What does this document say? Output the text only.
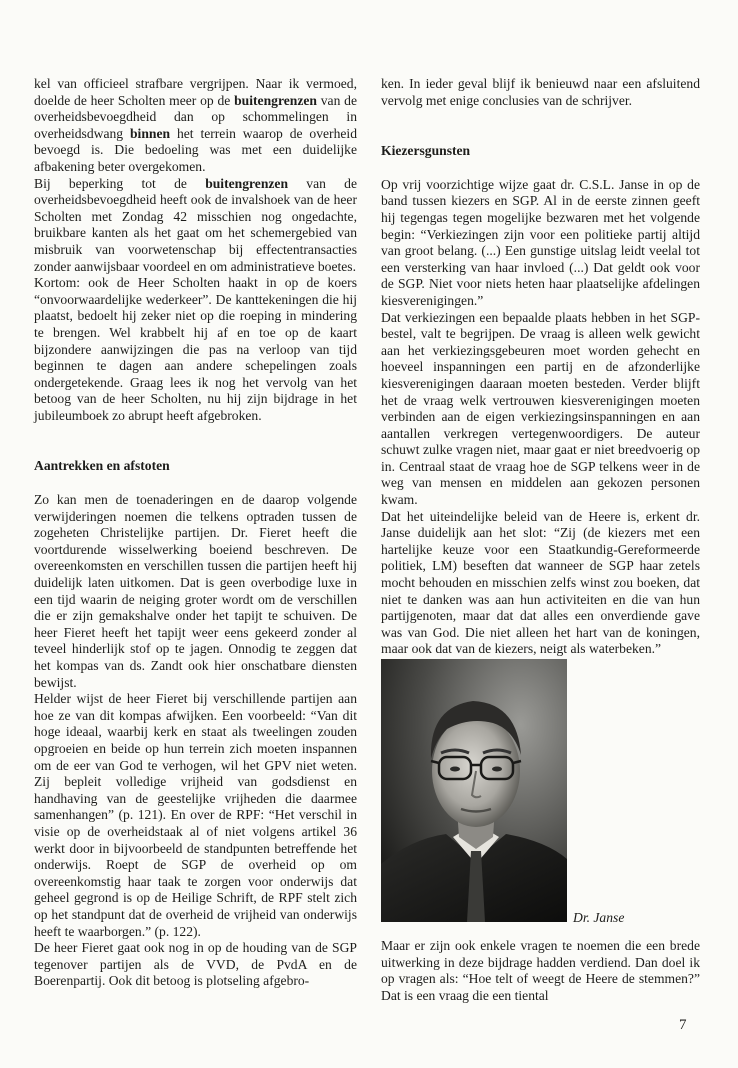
kel van officieel strafbare vergrijpen. Naar ik vermoed, doelde de heer Scholten meer op de buitengrenzen van de overheidsbevoegdheid dan op schommelingen in overheidsdwang binnen het terrein waarop de overheid bevoegd is. Die bedoeling was met een duidelijke afbakening beter overgekomen.

Bij beperking tot de buitengrenzen van de overheidsbevoegdheid heeft ook de invalshoek van de heer Scholten met Zondag 42 misschien nog ongedachte, bruikbare kanten als het gaat om het schemergebied van misbruik van voorwetenschap bij effectentransacties zonder aanwijsbaar voordeel en om administratieve boetes.

Kortom: ook de Heer Scholten haakt in op de koers “onvoorwaardelijke wederkeer”. De kanttekeningen die hij plaatst, bedoelt hij zeker niet op die roeping in mindering te brengen. Wel krabbelt hij af en toe op de kaart bijzondere aanwijzingen die pas na verloop van tijd beginnen te dagen aan andere schepelingen zoals ondergetekende. Graag lees ik nog het vervolg van het betoog van de heer Scholten, nu hij zijn bijdrage in het jubileumboek zo abrupt heeft afgebroken.

Aantrekken en afstoten

Zo kan men de toenaderingen en de daarop volgende verwijderingen noemen die telkens optraden tussen de zogeheten Christelijke partijen. Dr. Fieret heeft die voortdurende wisselwerking boeiend beschreven. De overeenkomsten en verschillen tussen die partijen heeft hij duidelijk laten uitkomen. Dat is geen overbodige luxe in een tijd waarin de neiging groter wordt om de verschillen die er zijn gemakshalve onder het tapijt te schuiven. De heer Fieret heeft het tapijt weer eens gekeerd zonder al teveel hinderlijk stof op te jagen. Onnodig te zeggen dat het kompas van ds. Zandt ook hier onschatbare diensten bewijst.

Helder wijst de heer Fieret bij verschillende partijen aan hoe ze van dit kompas afwijken. Een voorbeeld: “Van dit hoge ideaal, waarbij kerk en staat als tweelingen zouden opgroeien en beide op hun terrein zich moeten inspannen om de eer van God te verhogen, wil het GPV niet weten. Zij bepleit volledige vrijheid van godsdienst en handhaving van de geestelijke vrijheden die daarmee samenhangen” (p. 121). En over de RPF: “Het verschil in visie op de overheidstaak al of niet volgens artikel 36 werkt door in bijvoorbeeld de standpunten betreffende het onderwijs. Roept de SGP de overheid op om overeenkomstig haar taak te zorgen voor onderwijs dat geheel gegrond is op de Heilige Schrift, de RPF stelt zich op het standpunt dat de overheid de vrijheid van onderwijs heeft te waarborgen.” (p. 122).

De heer Fieret gaat ook nog in op de houding van de SGP tegenover partijen als de VVD, de PvdA en de Boerenpartij. Ook dit betoog is plotseling afgebro-

ken. In ieder geval blijf ik benieuwd naar een afsluitend vervolg met enige conclusies van de schrijver.

Kiezersgunsten

Op vrij voorzichtige wijze gaat dr. C.S.L. Janse in op de band tussen kiezers en SGP. Al in de eerste zinnen geeft hij tegengas tegen mogelijke bezwaren met het volgende begin: “Verkiezingen zijn voor een politieke partij altijd van groot belang. (...) Een gunstige uitslag leidt veelal tot een versterking van haar invloed (...) Dat geldt ook voor de SGP. Niet voor niets heten haar plaatselijke afdelingen kiesverenigingen.”

Dat verkiezingen een bepaalde plaats hebben in het SGP-bestel, valt te begrijpen. De vraag is alleen welk gewicht aan het verkiezingsgebeuren moet worden gehecht en hoeveel inspanningen een partij en de afzonderlijke kiesverenigingen daaraan moeten besteden. Verder blijft het de vraag welk vertrouwen kiesverenigingen moeten verbinden aan de eigen verkiezingsinspanningen en aan aantallen verkregen vertegenwoordigers. De auteur schuwt zulke vragen niet, maar gaat er niet breedvoerig op in. Centraal staat de vraag hoe de SGP telkens weer in de weg van mensen en middelen aan gekozen personen kwam.

Dat het uiteindelijke beleid van de Heere is, erkent dr. Janse duidelijk aan het slot: “Zij (de kiezers met een hartelijke keuze voor een Staatkundig-Gereformeerde politiek, LM) beseften dat wanneer de SGP haar zetels mocht behouden en misschien zelfs winst zou boeken, dat niet te danken was aan hun activiteiten en die van hun partijgenoten, maar dat dat alles een onverdiende gave was van God. Die niet alleen het hart van de koningen, maar ook dat van de kiezers, neigt als waterbeken.”

Dr. Janse

Maar er zijn ook enkele vragen te noemen die een brede uitwerking in deze bijdrage hadden verdiend. Dan doel ik op vragen als: “Hoe telt of weegt de Heere de stemmen?” Dat is een vraag die een tiental

7
